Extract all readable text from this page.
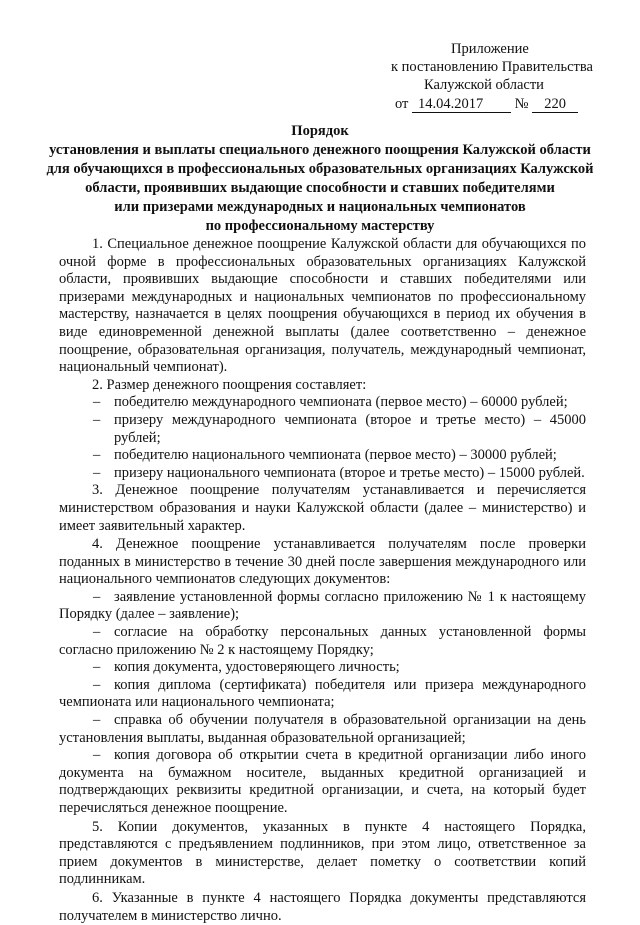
Приложение
к постановлению Правительства
Калужской области
от 14.04.2017 № 220
Порядок
установления и выплаты специального денежного поощрения Калужской области
для обучающихся в профессиональных образовательных организациях Калужской
области, проявивших выдающие способности и ставших победителями
или призерами международных и национальных чемпионатов
по профессиональному мастерству

1. Специальное денежное поощрение Калужской области для обучающихся по очной форме в профессиональных образовательных организациях Калужской области, проявивших выдающие способности и ставших победителями или призерами международных и национальных чемпионатов по профессиональному мастерству, назначается в целях поощрения обучающихся в период их обучения в виде единовременной денежной выплаты (далее соответственно – денежное поощрение, образовательная организация, получатель, международный чемпионат, национальный чемпионат).

2. Размер денежного поощрения составляет:

– победителю международного чемпионата (первое место) – 60000 рублей;

– призеру международного чемпионата (второе и третье место) – 45000 рублей;

– победителю национального чемпионата (первое место) – 30000 рублей;

– призеру национального чемпионата (второе и третье место) – 15000 рублей.

3. Денежное поощрение получателям устанавливается и перечисляется министерством образования и науки Калужской области (далее – министерство) и имеет заявительный характер.

4. Денежное поощрение устанавливается получателям после проверки поданных в министерство в течение 30 дней после завершения международного или национального чемпионатов следующих документов:

– заявление установленной формы согласно приложению № 1 к настоящему Порядку (далее – заявление);

– согласие на обработку персональных данных установленной формы согласно приложению № 2 к настоящему Порядку;

– копия документа, удостоверяющего личность;

– копия диплома (сертификата) победителя или призера международного чемпионата или национального чемпионата;

– справка об обучении получателя в образовательной организации на день установления выплаты, выданная образовательной организацией;

– копия договора об открытии счета в кредитной организации либо иного документа на бумажном носителе, выданных кредитной организацией и подтверждающих реквизиты кредитной организации, и счета, на который будет перечисляться денежное поощрение.

5. Копии документов, указанных в пункте 4 настоящего Порядка, представляются с предъявлением подлинников, при этом лицо, ответственное за прием документов в министерстве, делает пометку о соответствии копий подлинникам.

6. Указанные в пункте 4 настоящего Порядка документы представляются получателем в министерство лично.
